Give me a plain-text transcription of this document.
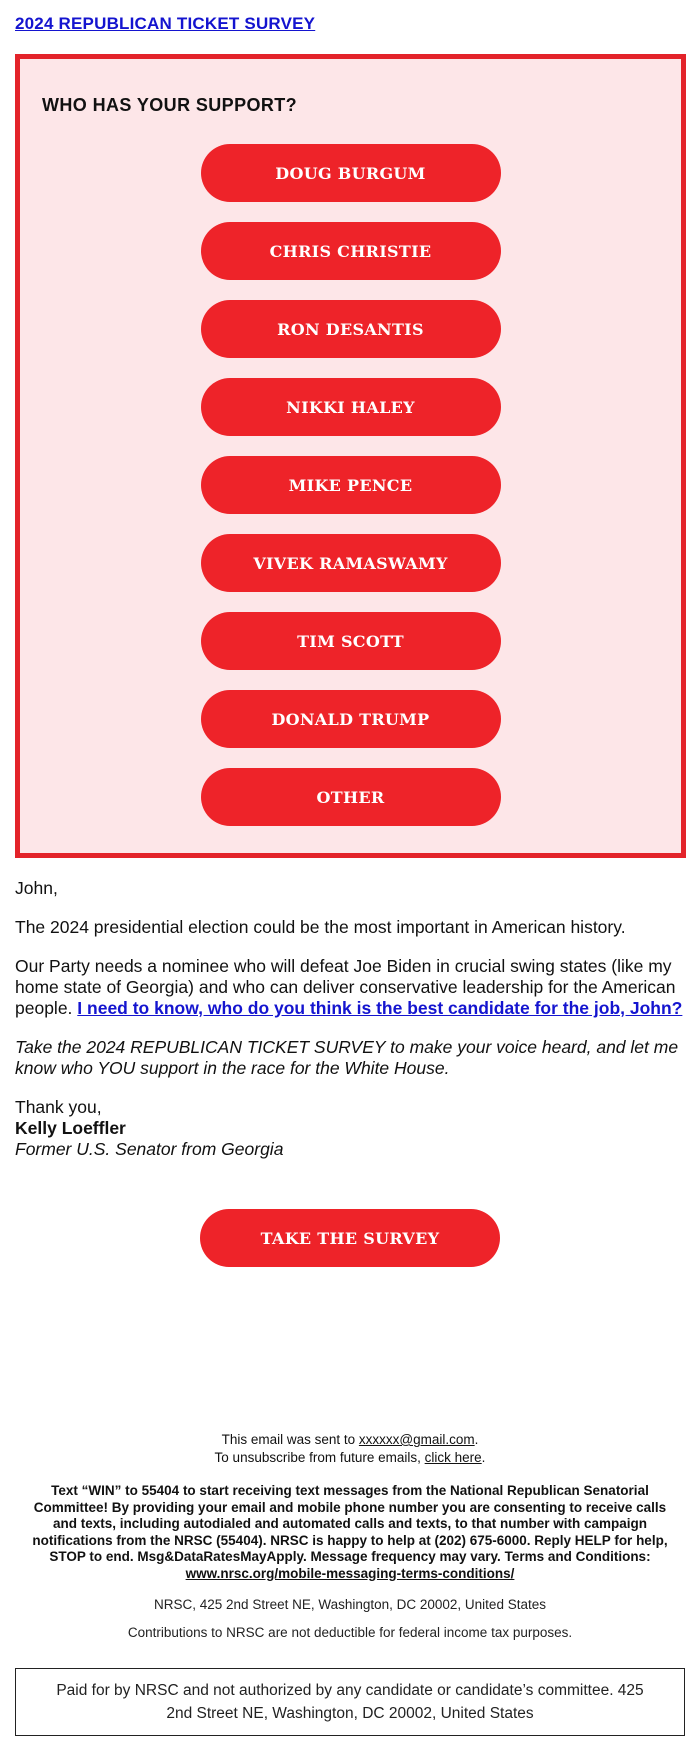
2024 REPUBLICAN TICKET SURVEY
WHO HAS YOUR SUPPORT?
DOUG BURGUM
CHRIS CHRISTIE
RON DESANTIS
NIKKI HALEY
MIKE PENCE
VIVEK RAMASWAMY
TIM SCOTT
DONALD TRUMP
OTHER

John,

The 2024 presidential election could be the most important in American history.

Our Party needs a nominee who will defeat Joe Biden in crucial swing states (like my home state of Georgia) and who can deliver conservative leadership for the American people. I need to know, who do you think is the best candidate for the job, John?

Take the 2024 REPUBLICAN TICKET SURVEY to make your voice heard, and let me know who YOU support in the race for the White House.

Thank you,
Kelly Loeffler
Former U.S. Senator from Georgia
TAKE THE SURVEY
This email was sent to xxxxxx@gmail.com.
To unsubscribe from future emails, click here.
Text “WIN” to 55404 to start receiving text messages from the National Republican Senatorial Committee! By providing your email and mobile phone number you are consenting to receive calls and texts, including autodialed and automated calls and texts, to that number with campaign notifications from the NRSC (55404). NRSC is happy to help at (202) 675-6000. Reply HELP for help, STOP to end. Msg&DataRatesMayApply. Message frequency may vary. Terms and Conditions: www.nrsc.org/mobile-messaging-terms-conditions/
NRSC, 425 2nd Street NE, Washington, DC 20002, United States
Contributions to NRSC are not deductible for federal income tax purposes.
Paid for by NRSC and not authorized by any candidate or candidate’s committee. 425 2nd Street NE, Washington, DC 20002, United States
